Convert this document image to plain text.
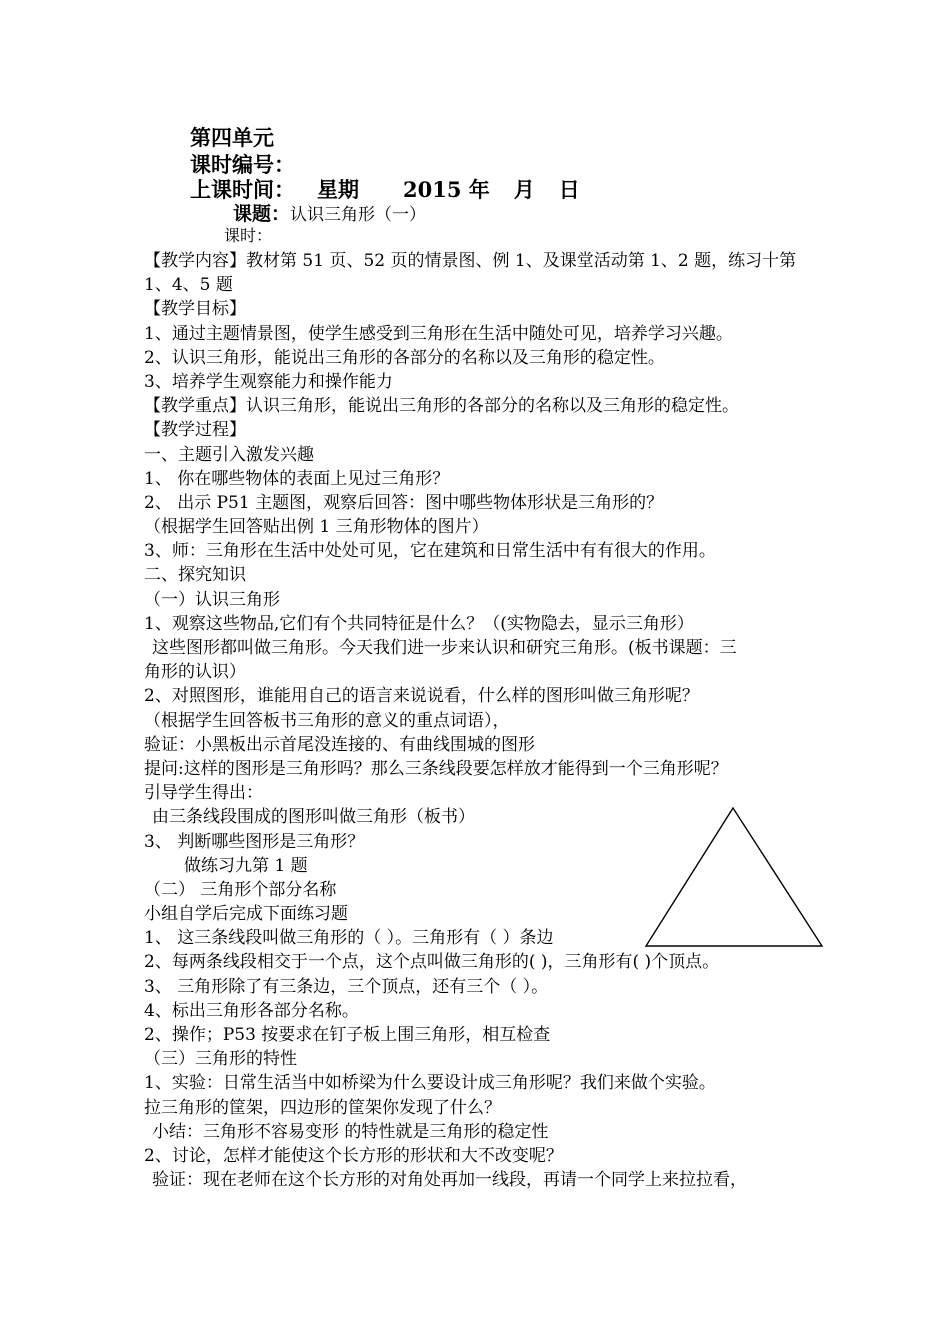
第四单元
课时编号：
上课时间： 星期 2015 年 月 日
课题：认识三角形（一）
课时：
【教学内容】教材第 51 页、52 页的情景图、例 1、及课堂活动第 1、2 题，练习十第
1、4、5 题
【教学目标】
1、通过主题情景图，使学生感受到三角形在生活中随处可见，培养学习兴趣。
2、认识三角形，能说出三角形的各部分的名称以及三角形的稳定性。
3、培养学生观察能力和操作能力
【教学重点】认识三角形，能说出三角形的各部分的名称以及三角形的稳定性。
【教学过程】
一、主题引入激发兴趣
1、 你在哪些物体的表面上见过三角形？
2、 出示 P51 主题图，观察后回答：图中哪些物体形状是三角形的？
（根据学生回答贴出例 1 三角形物体的图片）
3、师：三角形在生活中处处可见，它在建筑和日常生活中有有很大的作用。
二、探究知识
（一）认识三角形
1、观察这些物品,它们有个共同特征是什么？（(实物隐去，显示三角形）
这些图形都叫做三角形。今天我们进一步来认识和研究三角形。(板书课题：三
角形的认识）
2、对照图形，谁能用自己的语言来说说看，什么样的图形叫做三角形呢？
（根据学生回答板书三角形的意义的重点词语），
验证：小黑板出示首尾没连接的、有曲线围城的图形
提问:这样的图形是三角形吗？那么三条线段要怎样放才能得到一个三角形呢？
引导学生得出：
由三条线段围成的图形叫做三角形（板书）
3、 判断哪些图形是三角形？
做练习九第 1 题
（二） 三角形个部分名称
小组自学后完成下面练习题
1、 这三条线段叫做三角形的（ ）。三角形有（ ）条边
2、每两条线段相交于一个点，这个点叫做三角形的( )，三角形有( )个顶点。
3、 三角形除了有三条边，三个顶点，还有三个（ ）。
4、标出三角形各部分名称。
2、操作；P53 按要求在钉子板上围三角形，相互检查
（三）三角形的特性
1、实验：日常生活当中如桥梁为什么要设计成三角形呢？我们来做个实验。
拉三角形的筐架，四边形的筐架你发现了什么？
小结：三角形不容易变形 的特性就是三角形的稳定性
2、讨论，怎样才能使这个长方形的形状和大不改变呢？
验证：现在老师在这个长方形的对角处再加一线段，再请一个同学上来拉拉看，
